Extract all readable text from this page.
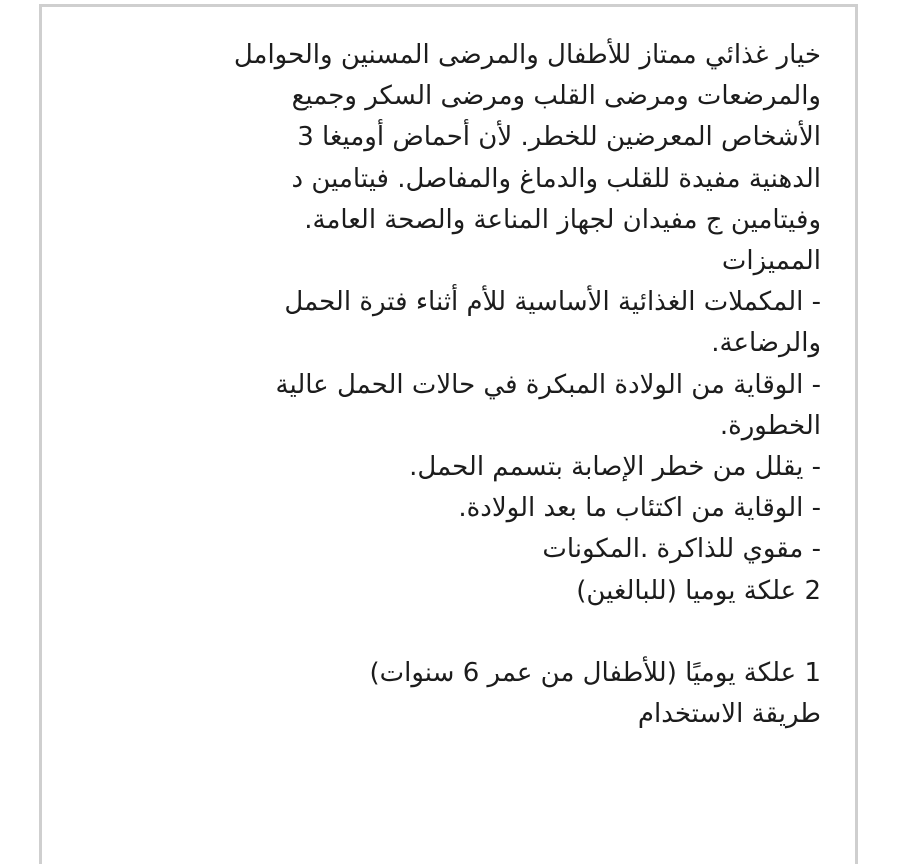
خيار غذائي ممتاز للأطفال والمرضى المسنين والحوامل
والمرضعات ومرضى القلب ومرضى السكر وجميع
الأشخاص المعرضين للخطر. لأن أحماض أوميغا 3
الدهنية مفيدة للقلب والدماغ والمفاصل. فيتامين د
وفيتامين ج مفيدان لجهاز المناعة والصحة العامة.
المميزات
- المكملات الغذائية الأساسية للأم أثناء فترة الحمل
والرضاعة.
- الوقاية من الولادة المبكرة في حالات الحمل عالية
الخطورة.
- يقلل من خطر الإصابة بتسمم الحمل.
- الوقاية من اكتئاب ما بعد الولادة.
- مقوي للذاكرة .المكونات
2 علكة يوميا (للبالغين)
1 علكة يوميًا (للأطفال من عمر 6 سنوات)
طريقة الاستخدام
